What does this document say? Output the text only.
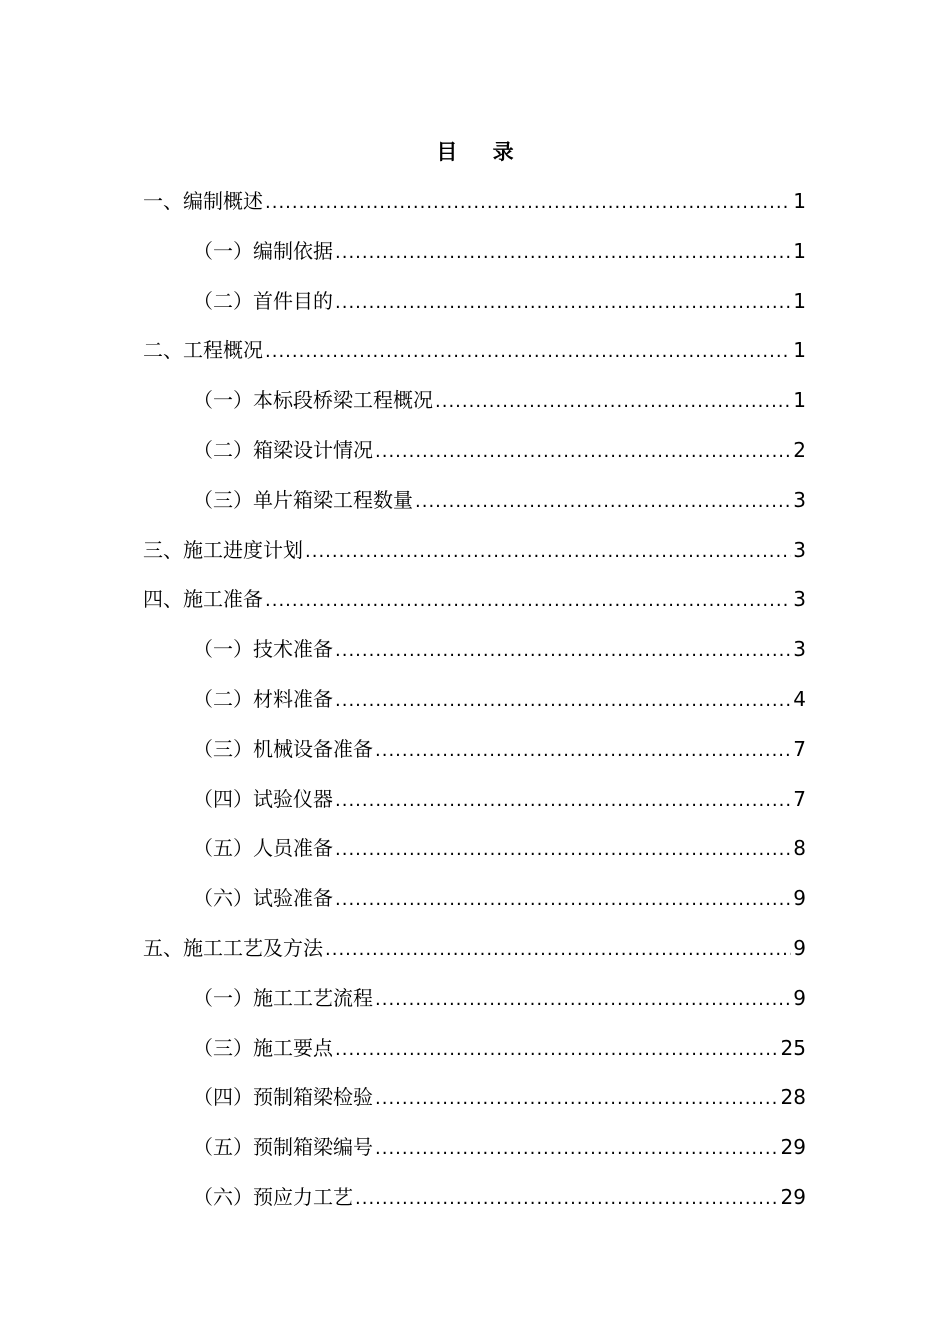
目 录
一、编制概述 .....	1
（一）编制依据 .....	1
（二）首件目的 .....	1
二、工程概况 .....	1
（一）本标段桥梁工程概况 .....	1
（二）箱梁设计情况 .....	2
（三）单片箱梁工程数量 .....	3
三、施工进度计划 .....	3
四、施工准备 .....	3
（一）技术准备 .....	3
（二）材料准备 .....	4
（三）机械设备准备 .....	7
（四）试验仪器 .....	7
（五）人员准备 .....	8
（六）试验准备 .....	9
五、施工工艺及方法 .....	9
（一）施工工艺流程 .....	9
（三）施工要点 .....	25
（四）预制箱梁检验 .....	28
（五）预制箱梁编号 .....	29
（六）预应力工艺 .....	29
